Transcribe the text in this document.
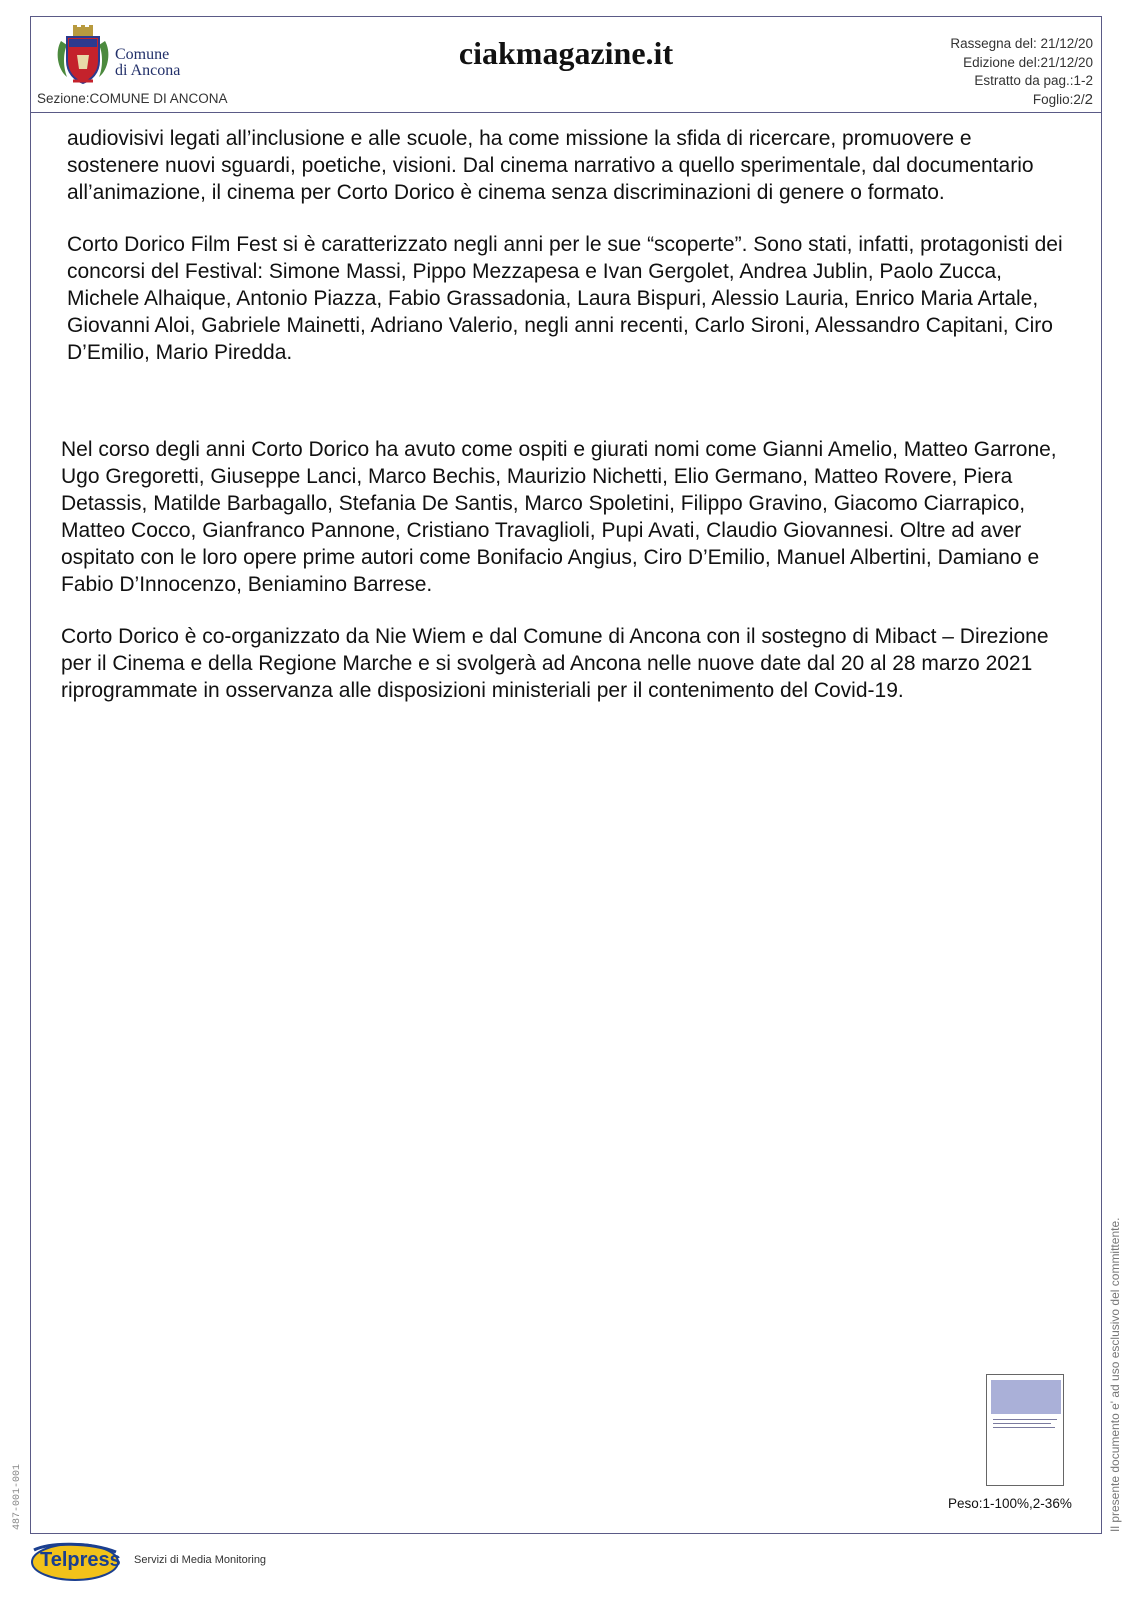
Comune
di Ancona
Sezione:COMUNE DI ANCONA
ciakmagazine.it	Rassegna del: 21/12/20
Edizione del:21/12/20
Estratto da pag.:1-2
Foglio:2/2

audiovisivi legati all’inclusione e alle scuole, ha come missione la sfida di ricercare, promuovere e sostenere nuovi sguardi, poetiche, visioni. Dal cinema narrativo a quello sperimentale, dal documentario all’animazione, il cinema per Corto Dorico è cinema senza discriminazioni di genere o formato.

Corto Dorico Film Fest si è caratterizzato negli anni per le sue “scoperte”. Sono stati, infatti, protagonisti dei concorsi del Festival: Simone Massi, Pippo Mezzapesa e Ivan Gergolet, Andrea Jublin, Paolo Zucca, Michele Alhaique, Antonio Piazza, Fabio Grassadonia, Laura Bispuri, Alessio Lauria, Enrico Maria Artale, Giovanni Aloi, Gabriele Mainetti, Adriano Valerio, negli anni recenti, Carlo Sironi, Alessandro Capitani, Ciro D’Emilio, Mario Piredda.

Nel corso degli anni Corto Dorico ha avuto come ospiti e giurati nomi come Gianni Amelio, Matteo Garrone, Ugo Gregoretti, Giuseppe Lanci, Marco Bechis, Maurizio Nichetti, Elio Germano, Matteo Rovere, Piera Detassis, Matilde Barbagallo, Stefania De Santis, Marco Spoletini, Filippo Gravino, Giacomo Ciarrapico, Matteo Cocco, Gianfranco Pannone, Cristiano Travaglioli, Pupi Avati, Claudio Giovannesi. Oltre ad aver ospitato con le loro opere prime autori come Bonifacio Angius, Ciro D’Emilio, Manuel Albertini, Damiano e Fabio D’Innocenzo, Beniamino Barrese.

Corto Dorico è co-organizzato da Nie Wiem e dal Comune di Ancona con il sostegno di Mibact – Direzione per il Cinema e della Regione Marche e si svolgerà ad Ancona nelle nuove date dal 20 al 28 marzo 2021 riprogrammate in osservanza alle disposizioni ministeriali per il contenimento del Covid-19.

Peso:1-100%,2-36%	Il presente documento e' ad uso esclusivo del committente.
487-001-001
Telpress Servizi di Media Monitoring
